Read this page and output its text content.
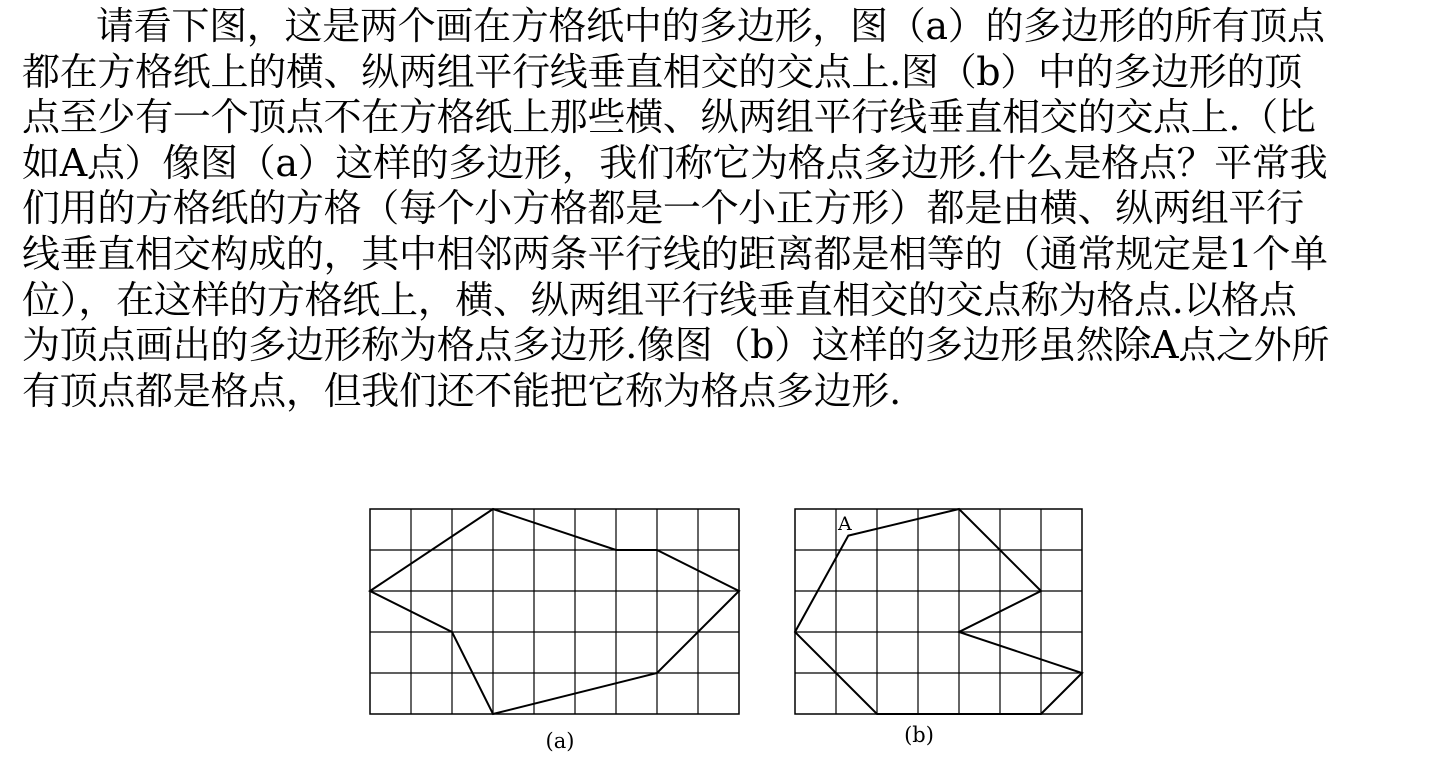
请看下图，这是两个画在方格纸中的多边形，图（a）的多边形的所有顶点
都在方格纸上的横、纵两组平行线垂直相交的交点上.图（b）中的多边形的顶
点至少有一个顶点不在方格纸上那些横、纵两组平行线垂直相交的交点上.（比
如A点）像图（a）这样的多边形，我们称它为格点多边形.什么是格点？平常我
们用的方格纸的方格（每个小方格都是一个小正方形）都是由横、纵两组平行
线垂直相交构成的，其中相邻两条平行线的距离都是相等的（通常规定是1个单
位），在这样的方格纸上，横、纵两组平行线垂直相交的交点称为格点.以格点
为顶点画出的多边形称为格点多边形.像图（b）这样的多边形虽然除A点之外所
有顶点都是格点，但我们还不能把它称为格点多边形.
(a)
A
(b)
